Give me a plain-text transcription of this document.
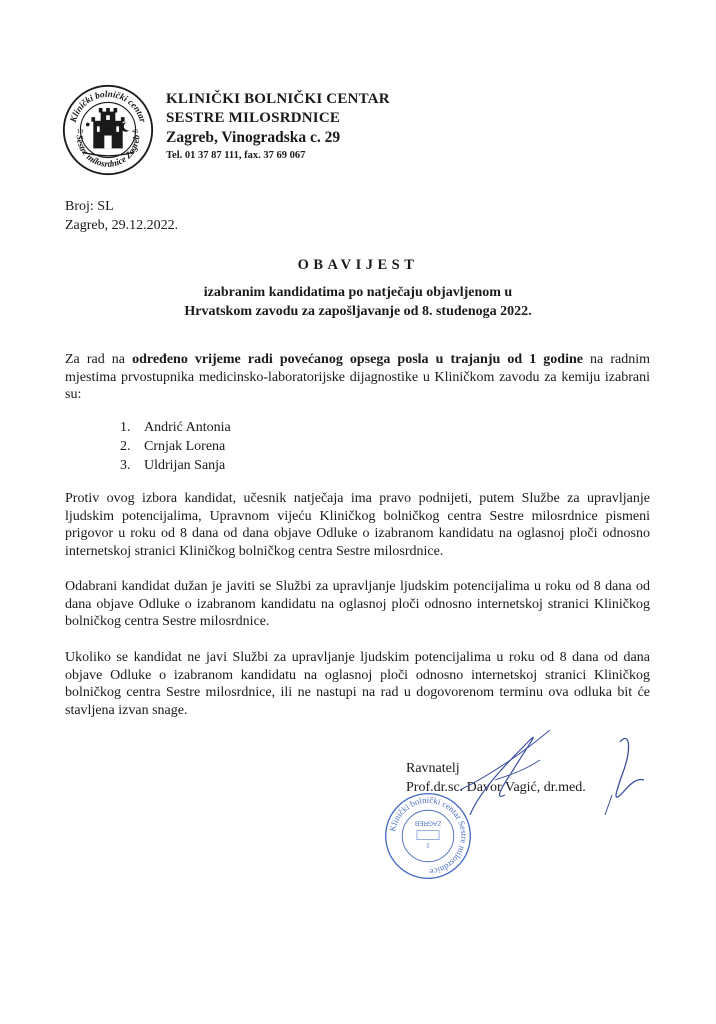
Klinički bolnički centar
Sestre milosrdnice Zagreb
18	46
KLINIČKI BOLNIČKI CENTAR
SESTRE MILOSRDNICE
Zagreb, Vinogradska c. 29
Tel. 01 37 87 111, fax. 37 69 067
Broj: SL
Zagreb, 29.12.2022.
OBAVIJEST
izabranim kandidatima po natječaju objavljenom u
Hrvatskom zavodu za zapošljavanje od 8. studenoga 2022.
Za rad na određeno vrijeme radi povećanog opsega posla u trajanju od 1 godine na radnim mjestima prvostupnika medicinsko-laboratorijske dijagnostike u Kliničkom zavodu za kemiju izabrani su:
1. Andrić Antonia
2. Crnjak Lorena
3. Uldrijan Sanja
Protiv ovog izbora kandidat, učesnik natječaja ima pravo podnijeti, putem Službe za upravljanje ljudskim potencijalima, Upravnom vijeću Kliničkog bolničkog centra Sestre milosrdnice pismeni prigovor u roku od 8 dana od dana objave Odluke o izabranom kandidatu na oglasnoj ploči odnosno internetskoj stranici Kliničkog bolničkog centra Sestre milosrdnice.
Odabrani kandidat dužan je javiti se Službi za upravljanje ljudskim potencijalima u roku od 8 dana od dana objave Odluke o izabranom kandidatu na oglasnoj ploči odnosno internetskoj stranici Kliničkog bolničkog centra Sestre milosrdnice.
Ukoliko se kandidat ne javi Službi za upravljanje ljudskim potencijalima u roku od 8 dana od dana objave Odluke o izabranom kandidatu na oglasnoj ploči odnosno internetskoj stranici Kliničkog bolničkog centra Sestre milosrdnice, ili ne nastupi na rad u dogovorenom terminu ova odluka bit će stavljena izvan snage.
Ravnatelj
Prof.dr.sc. Davor Vagić, dr.med.
Klinički bolnički centar Sestre milosrdnice
2
ZAGREB
